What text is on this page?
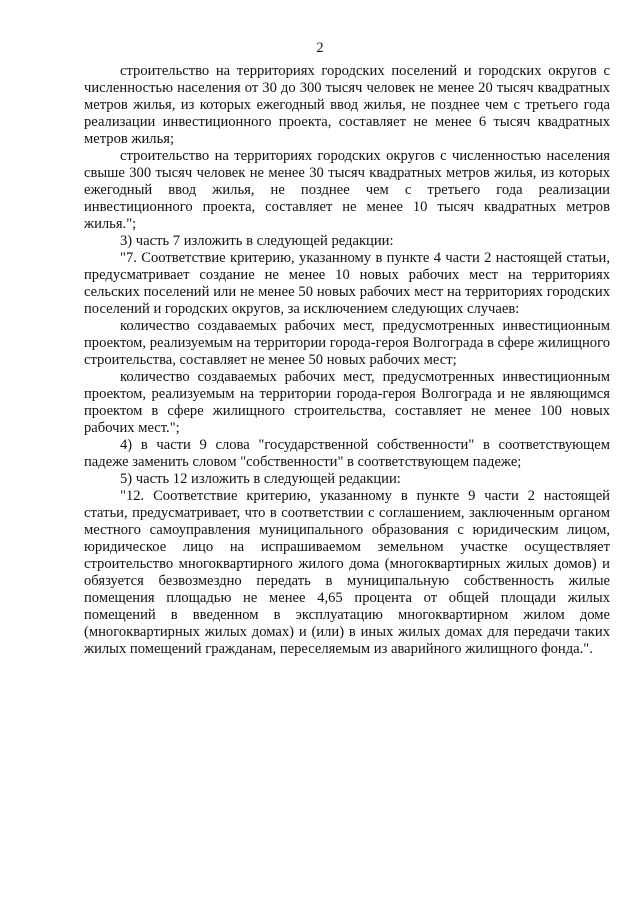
2

строительство на территориях городских поселений и городских округов с численностью населения от 30 до 300 тысяч человек не менее 20 тысяч квадратных метров жилья, из которых ежегодный ввод жилья, не позднее чем с третьего года реализации инвестиционного проекта, составляет не менее 6 тысяч квадратных метров жилья;

строительство на территориях городских округов с численностью населения свыше 300 тысяч человек не менее 30 тысяч квадратных метров жилья, из которых ежегодный ввод жилья, не позднее чем с третьего года реализации инвестиционного проекта, составляет не менее 10 тысяч квадратных метров жилья.";

3) часть 7 изложить в следующей редакции:

"7. Соответствие критерию, указанному в пункте 4 части 2 настоящей статьи, предусматривает создание не менее 10 новых рабочих мест на территориях сельских поселений или не менее 50 новых рабочих мест на территориях городских поселений и городских округов, за исключением следующих случаев:

количество создаваемых рабочих мест, предусмотренных инвестиционным проектом, реализуемым на территории города-героя Волгограда в сфере жилищного строительства, составляет не менее 50 новых рабочих мест;

количество создаваемых рабочих мест, предусмотренных инвестиционным проектом, реализуемым на территории города-героя Волгограда и не являющимся проектом в сфере жилищного строительства, составляет не менее 100 новых рабочих мест.";

4) в части 9 слова "государственной собственности" в соответствующем падеже заменить словом "собственности" в соответствующем падеже;

5) часть 12 изложить в следующей редакции:

"12. Соответствие критерию, указанному в пункте 9 части 2 настоящей статьи, предусматривает, что в соответствии с соглашением, заключенным органом местного самоуправления муниципального образования с юридическим лицом, юридическое лицо на испрашиваемом земельном участке осуществляет строительство многоквартирного жилого дома (многоквартирных жилых домов) и обязуется безвозмездно передать в муниципальную собственность жилые помещения площадью не менее 4,65 процента от общей площади жилых помещений в введенном в эксплуатацию многоквартирном жилом доме (многоквартирных жилых домах) и (или) в иных жилых домах для передачи таких жилых помещений гражданам, переселяемым из аварийного жилищного фонда.".
